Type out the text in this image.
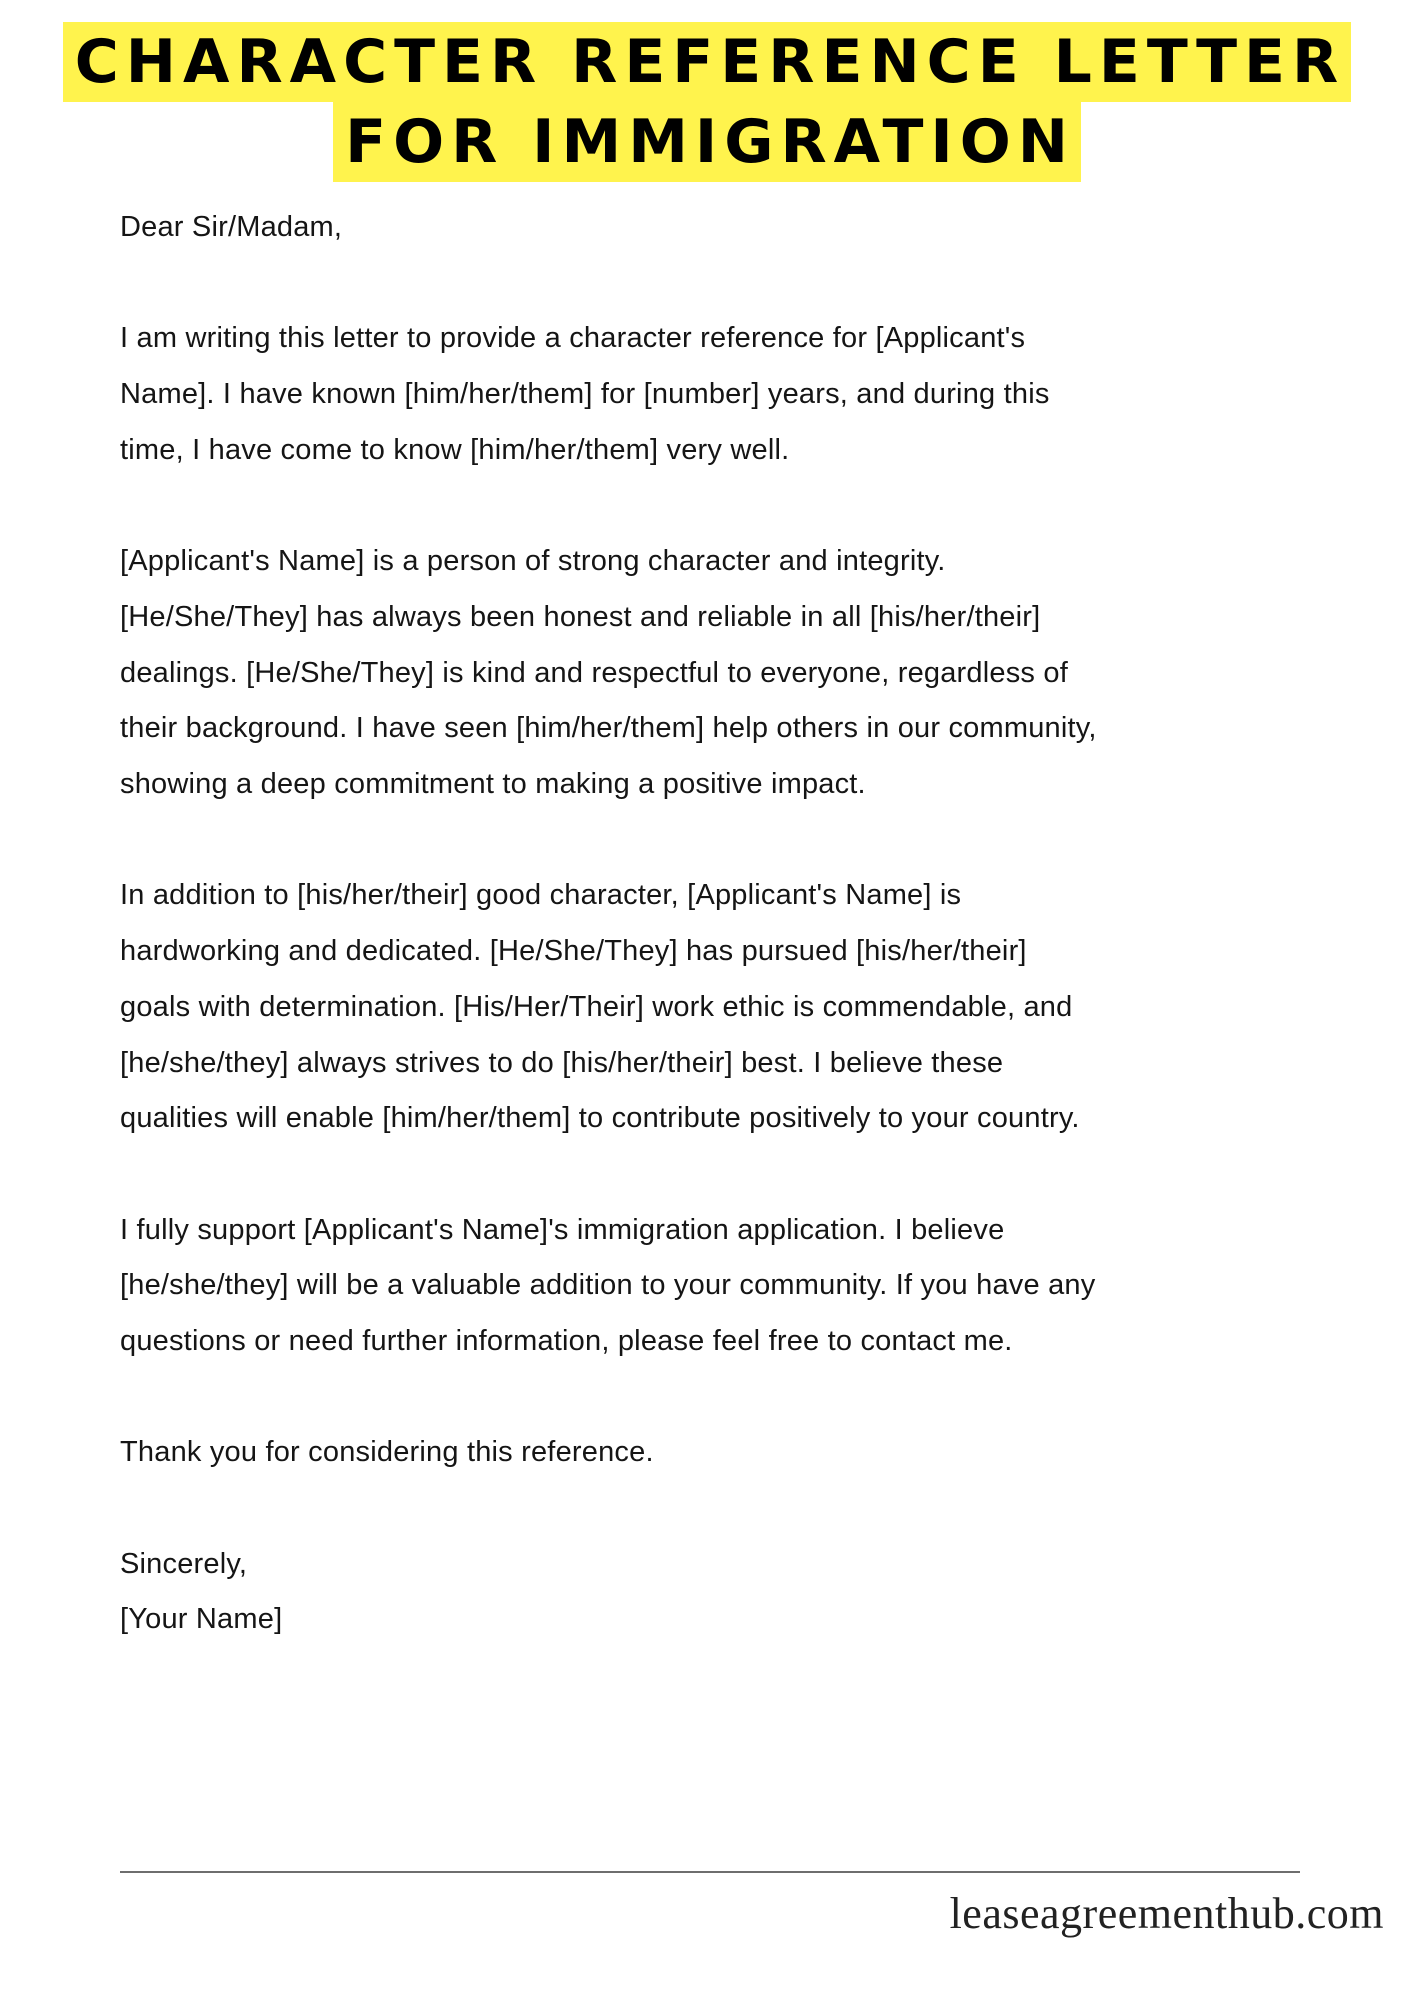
CHARACTER REFERENCE LETTER
FOR IMMIGRATION

Dear Sir/Madam,

I am writing this letter to provide a character reference for [Applicant's
Name]. I have known [him/her/them] for [number] years, and during this
time, I have come to know [him/her/them] very well.

[Applicant's Name] is a person of strong character and integrity.
[He/She/They] has always been honest and reliable in all [his/her/their]
dealings. [He/She/They] is kind and respectful to everyone, regardless of
their background. I have seen [him/her/them] help others in our community,
showing a deep commitment to making a positive impact.

In addition to [his/her/their] good character, [Applicant's Name] is
hardworking and dedicated. [He/She/They] has pursued [his/her/their]
goals with determination. [His/Her/Their] work ethic is commendable, and
[he/she/they] always strives to do [his/her/their] best. I believe these
qualities will enable [him/her/them] to contribute positively to your country.

I fully support [Applicant's Name]'s immigration application. I believe
[he/she/they] will be a valuable addition to your community. If you have any
questions or need further information, please feel free to contact me.

Thank you for considering this reference.

Sincerely,
[Your Name]

leaseagreementhub.com
